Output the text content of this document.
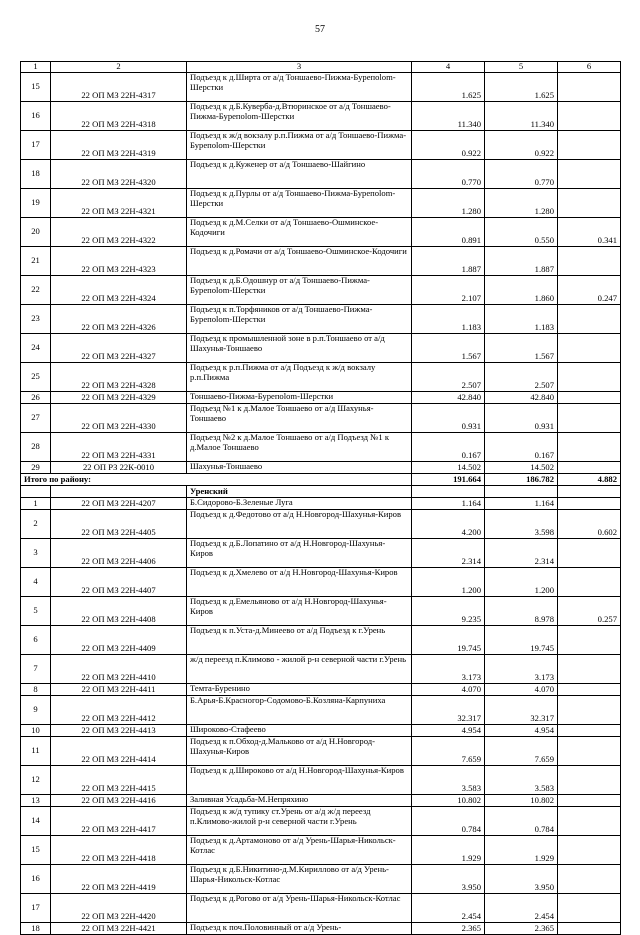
57
1	2	3	4	5	6
15	22 ОП МЗ 22Н-4317	Подъезд к д.Ширта от а/д Тоншаево-Пижма-Бурепolom-Шерстки	1.625	1.625	
16	22 ОП МЗ 22Н-4318	Подъезд к д.Б.Куверба-д.Втюринское от а/д Тоншаево-Пижма-Бурепolom-Шерстки	11.340	11.340	
17	22 ОП МЗ 22Н-4319	Подъезд к ж/д вокзалу р.п.Пижма от а/д Тоншаево-Пижма-Бурепolom-Шерстки	0.922	0.922	
18	22 ОП МЗ 22Н-4320	Подъезд к д.Куженер от а/д Тоншаево-Шайгино	0.770	0.770	
19	22 ОП МЗ 22Н-4321	Подъезд к д.Пурлы от а/д Тоншаево-Пижма-Бурепolom-Шерстки	1.280	1.280	
20	22 ОП МЗ 22Н-4322	Подъезд к д.М.Селки от а/д Тоншаево-Ошминское-Кодочиги	0.891	0.550	0.341
21	22 ОП МЗ 22Н-4323	Подъезд к д.Ромачи от а/д Тоншаево-Ошминское-Кодочиги	1.887	1.887	
22	22 ОП МЗ 22Н-4324	Подъезд к д.Б.Одошнур от а/д Тоншаево-Пижма-Бурепolom-Шерстки	2.107	1.860	0.247
23	22 ОП МЗ 22Н-4326	Подъезд к п.Торфяников от а/д Тоншаево-Пижма-Бурепolom-Шерстки	1.183	1.183	
24	22 ОП МЗ 22Н-4327	Подъезд к промышленной зоне в р.п.Тоншаево от а/д Шахунья-Тоншаево	1.567	1.567	
25	22 ОП МЗ 22Н-4328	Подъезд к р.п.Пижма от а/д Подъезд к ж/д вокзалу р.п.Пижма	2.507	2.507	
26	22 ОП МЗ 22Н-4329	Тоншаево-Пижма-Бурепolom-Шерстки	42.840	42.840	
27	22 ОП МЗ 22Н-4330	Подъезд №1 к д.Малое Тоншаево от а/д Шахунья-Тоншаево	0.931	0.931	
28	22 ОП МЗ 22Н-4331	Подъезд №2 к д.Малое Тоншаево от а/д Подъезд №1 к д.Малое Тоншаево	0.167	0.167	
29	22 ОП РЗ 22К-0010	Шахунья-Тоншаево	14.502	14.502	
Итого по району:			191.664	186.782	4.882
		Уренский			
1	22 ОП МЗ 22Н-4207	Б.Сидорово-Б.Зеленые Луга	1.164	1.164	
2	22 ОП МЗ 22Н-4405	Подъезд к д.Федотово от а/д Н.Новгород-Шахунья-Киров	4.200	3.598	0.602
3	22 ОП МЗ 22Н-4406	Подъезд к д.Б.Лопатино от а/д Н.Новгород-Шахунья-Киров	2.314	2.314	
4	22 ОП МЗ 22Н-4407	Подъезд к д.Хмелево от а/д Н.Новгород-Шахунья-Киров	1.200	1.200	
5	22 ОП МЗ 22Н-4408	Подъезд к д.Емельяново от а/д Н.Новгород-Шахунья-Киров	9.235	8.978	0.257
6	22 ОП МЗ 22Н-4409	Подъезд к п.Уста-д.Минеево от а/д Подъезд к г.Урень	19.745	19.745	
7	22 ОП МЗ 22Н-4410	ж/д переезд п.Климово - жилой р-н северной части г.Урень	3.173	3.173	
8	22 ОП МЗ 22Н-4411	Темта-Буренино	4.070	4.070	
9	22 ОП МЗ 22Н-4412	Б.Арья-Б.Красногор-Содомово-Б.Козляна-Карпуниха	32.317	32.317	
10	22 ОП МЗ 22Н-4413	Широково-Стафеево	4.954	4.954	
11	22 ОП МЗ 22Н-4414	Подъезд к п.Обход-д.Мальково от а/д Н.Новгород-Шахунья-Киров	7.659	7.659	
12	22 ОП МЗ 22Н-4415	Подъезд к д.Широково от а/д Н.Новгород-Шахунья-Киров	3.583	3.583	
13	22 ОП МЗ 22Н-4416	Заливная Усадьба-М.Непряхино	10.802	10.802	
14	22 ОП МЗ 22Н-4417	Подъезд к ж/д тупику ст.Урень от а/д ж/д переезд п.Климово-жилой р-н северной части г.Урень	0.784	0.784	
15	22 ОП МЗ 22Н-4418	Подъезд к д.Артамоново от а/д Урень-Шарья-Никольск-Котлас	1.929	1.929	
16	22 ОП МЗ 22Н-4419	Подъезд к д.Б.Никитино-д.М.Кириллово от а/д Урень-Шарья-Никольск-Котлас	3.950	3.950	
17	22 ОП МЗ 22Н-4420	Подъезд к д.Рогово от а/д Урень-Шарья-Никольск-Котлас	2.454	2.454	
18	22 ОП МЗ 22Н-4421	Подъезд к поч.Половинный от а/д Урень-	2.365	2.365	
